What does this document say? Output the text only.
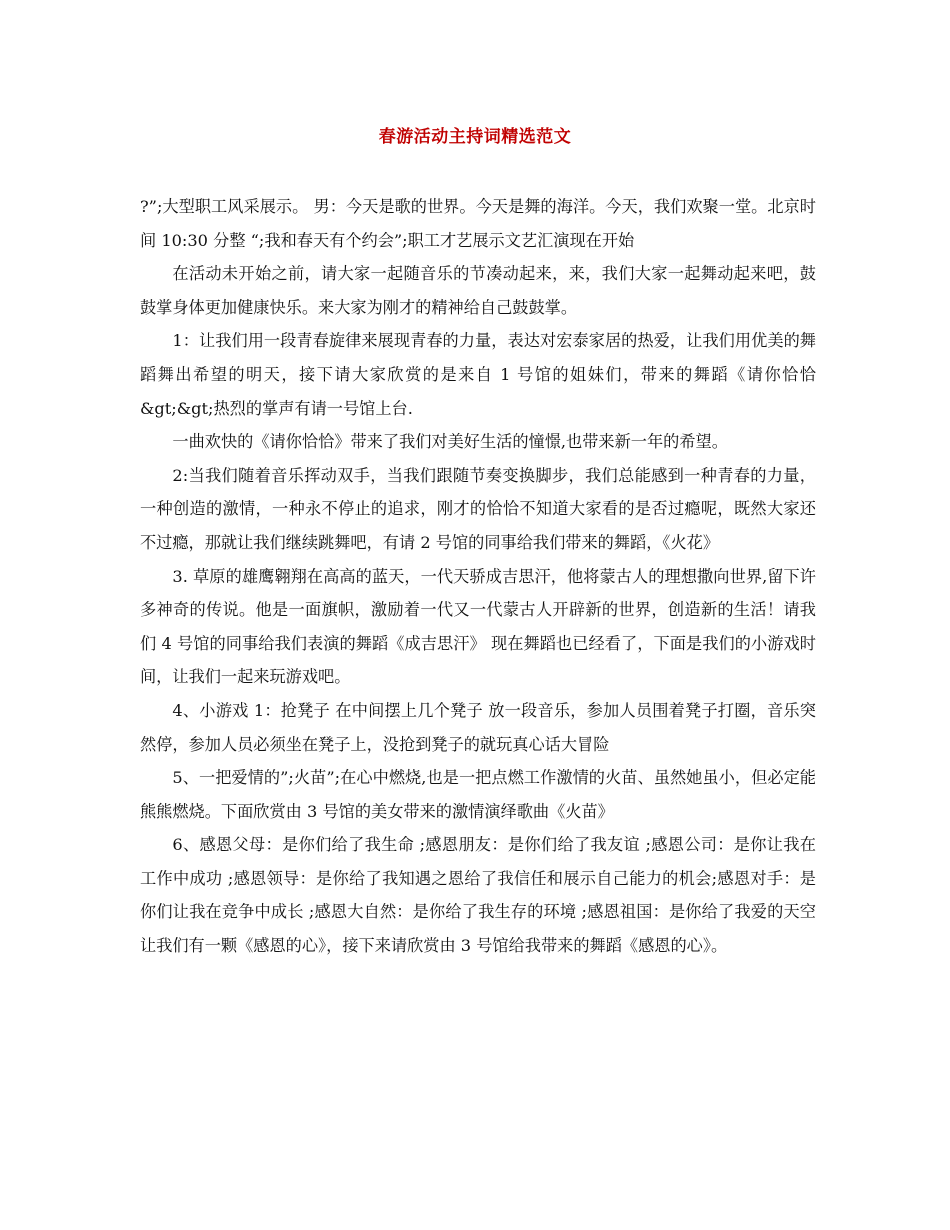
春游活动主持词精选范文

?”;大型职工风采展示。 男：今天是歌的世界。今天是舞的海洋。今天，我们欢聚一堂。北京时间 10:30 分整 “;我和春天有个约会”;职工才艺展示文艺汇演现在开始

在活动未开始之前，请大家一起随音乐的节凑动起来，来，我们大家一起舞动起来吧，鼓鼓掌身体更加健康快乐。来大家为刚才的精神给自己鼓鼓掌。

1：让我们用一段青春旋律来展现青春的力量，表达对宏泰家居的热爱，让我们用优美的舞蹈舞出希望的明天，接下请大家欣赏的是来自 1 号馆的姐妹们，带来的舞蹈《请你恰恰&gt;&gt;热烈的掌声有请一号馆上台.

一曲欢快的《请你恰恰》带来了我们对美好生活的憧憬,也带来新一年的希望。

2:当我们随着音乐挥动双手，当我们跟随节奏变换脚步，我们总能感到一种青春的力量，一种创造的激情，一种永不停止的追求，刚才的恰恰不知道大家看的是否过瘾呢，既然大家还不过瘾，那就让我们继续跳舞吧，有请 2 号馆的同事给我们带来的舞蹈，《火花》

3. 草原的雄鹰翱翔在高高的蓝天，一代天骄成吉思汗，他将蒙古人的理想撒向世界,留下许多神奇的传说。他是一面旗帜，激励着一代又一代蒙古人开辟新的世界，创造新的生活！请我们 4 号馆的同事给我们表演的舞蹈《成吉思汗》 现在舞蹈也已经看了，下面是我们的小游戏时间，让我们一起来玩游戏吧。

4、小游戏 1：抢凳子 在中间摆上几个凳子 放一段音乐，参加人员围着凳子打圈，音乐突然停，参加人员必须坐在凳子上，没抢到凳子的就玩真心话大冒险

5、一把爱情的”;火苗”;在心中燃烧,也是一把点燃工作激情的火苗、虽然她虽小，但必定能熊熊燃烧。下面欣赏由 3 号馆的美女带来的激情演绎歌曲《火苗》

6、感恩父母：是你们给了我生命 ;感恩朋友：是你们给了我友谊 ;感恩公司：是你让我在工作中成功 ;感恩领导：是你给了我知遇之恩给了我信任和展示自己能力的机会;感恩对手：是你们让我在竞争中成长 ;感恩大自然：是你给了我生存的环境 ;感恩祖国：是你给了我爱的天空让我们有一颗《感恩的心》，接下来请欣赏由 3 号馆给我带来的舞蹈《感恩的心》。
